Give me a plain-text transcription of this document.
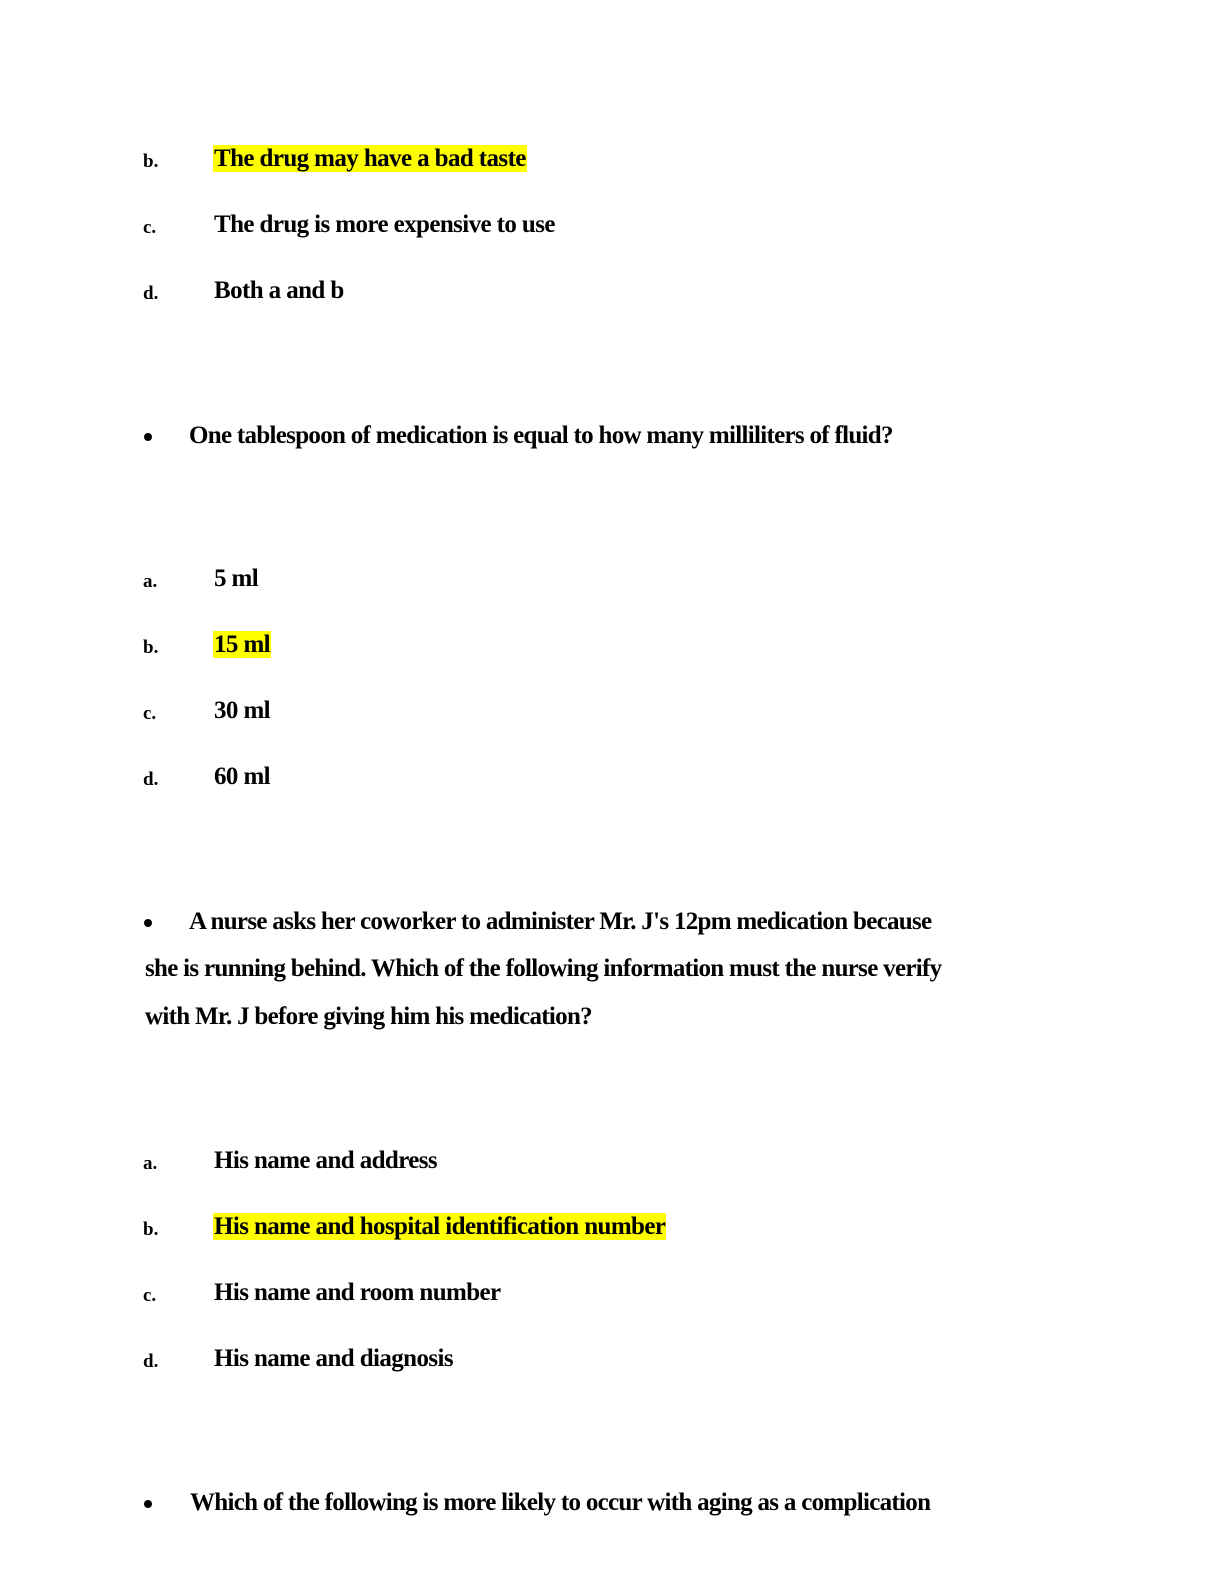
b. The drug may have a bad taste
c. The drug is more expensive to use
d. Both a and b
One tablespoon of medication is equal to how many milliliters of fluid?
a. 5 ml
b. 15 ml
c. 30 ml
d. 60 ml
A nurse asks her coworker to administer Mr. J's 12pm medication because
she is running behind. Which of the following information must the nurse verify
with Mr. J before giving him his medication?
a. His name and address
b. His name and hospital identification number
c. His name and room number
d. His name and diagnosis
Which of the following is more likely to occur with aging as a complication
